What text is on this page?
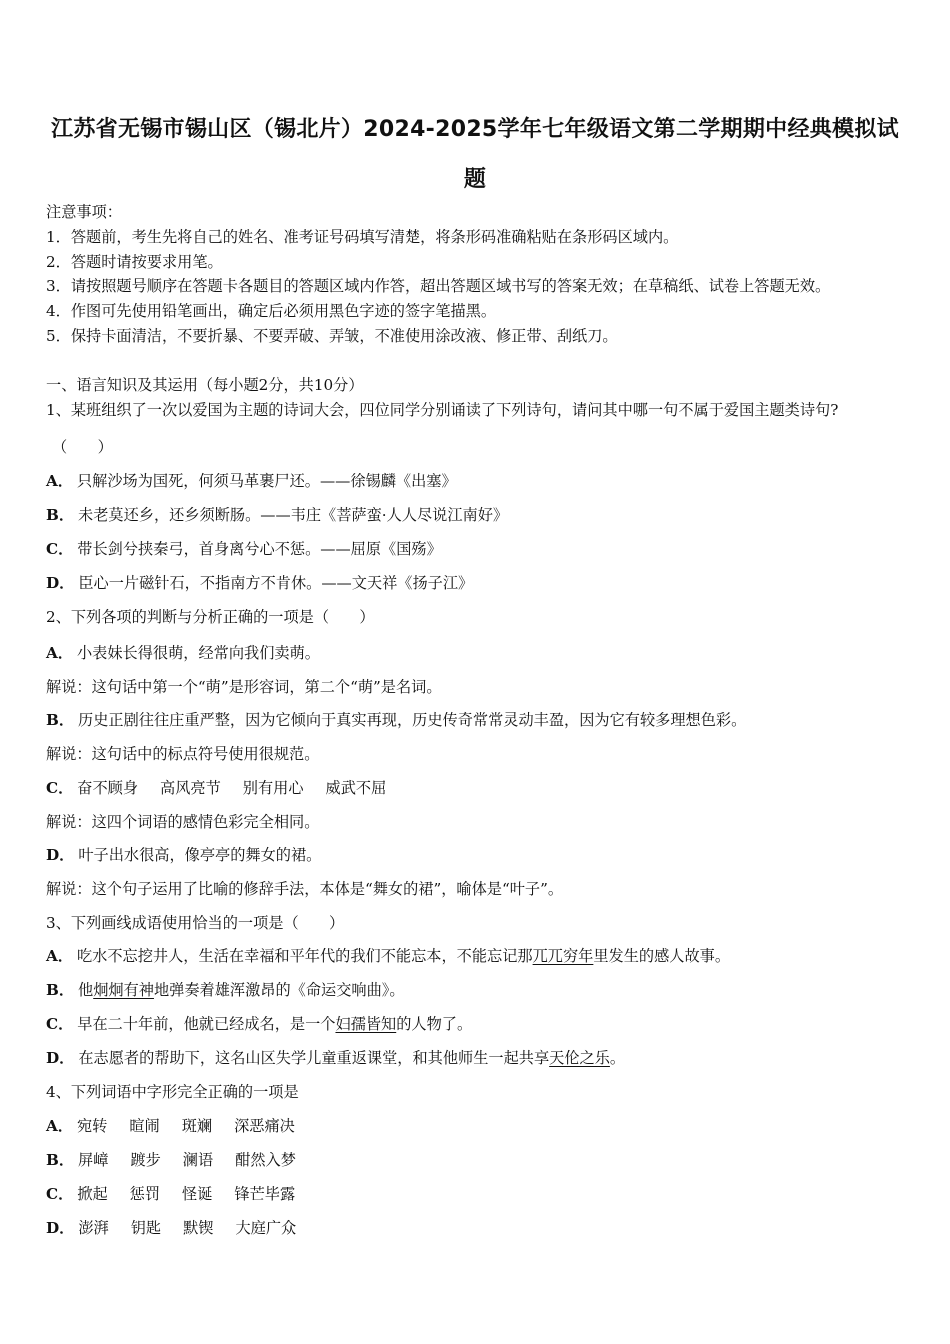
江苏省无锡市锡山区（锡北片）2024-2025学年七年级语文第二学期期中经典模拟试
题

注意事项：

1．答题前，考生先将自己的姓名、准考证号码填写清楚，将条形码准确粘贴在条形码区域内。

2．答题时请按要求用笔。

3．请按照题号顺序在答题卡各题目的答题区域内作答，超出答题区域书写的答案无效；在草稿纸、试卷上答题无效。

4．作图可先使用铅笔画出，确定后必须用黑色字迹的签字笔描黑。

5．保持卡面清洁，不要折暴、不要弄破、弄皱，不准使用涂改液、修正带、刮纸刀。

一、语言知识及其运用（每小题2分，共10分）

1、某班组织了一次以爱国为主题的诗词大会，四位同学分别诵读了下列诗句，请问其中哪一句不属于爱国主题类诗句?

（　　）

A． 只解沙场为国死，何须马革裹尸还。——徐锡麟《出塞》

B． 未老莫还乡，还乡须断肠。——韦庄《菩萨蛮·人人尽说江南好》

C． 带长剑兮挟秦弓，首身离兮心不惩。——屈原《国殇》

D． 臣心一片磁针石，不指南方不肯休。——文天祥《扬子江》

2、下列各项的判断与分析正确的一项是（　　）

A． 小表妹长得很萌，经常向我们卖萌。

解说：这句话中第一个“萌”是形容词，第二个“萌”是名词。

B． 历史正剧往往庄重严整，因为它倾向于真实再现，历史传奇常常灵动丰盈，因为它有较多理想色彩。

解说：这句话中的标点符号使用很规范。

C． 奋不顾身 高风亮节 别有用心 威武不屈

解说：这四个词语的感情色彩完全相同。

D． 叶子出水很高，像亭亭的舞女的裙。

解说：这个句子运用了比喻的修辞手法，本体是“舞女的裙”，喻体是“叶子”。

3、下列画线成语使用恰当的一项是（　　）

A． 吃水不忘挖井人，生活在幸福和平年代的我们不能忘本，不能忘记那兀兀穷年里发生的感人故事。

B． 他炯炯有神地弹奏着雄浑激昂的《命运交响曲》。

C． 早在二十年前，他就已经成名，是一个妇孺皆知的人物了。

D． 在志愿者的帮助下，这名山区失学儿童重返课堂，和其他师生一起共享天伦之乐。

4、下列词语中字形完全正确的一项是

A． 宛转 暄闹 斑斓 深恶痛决

B． 屏嶂 踱步 澜语 酣然入梦

C． 掀起 惩罚 怪诞 锋芒毕露

D． 澎湃 钥匙 默锲 大庭广众
